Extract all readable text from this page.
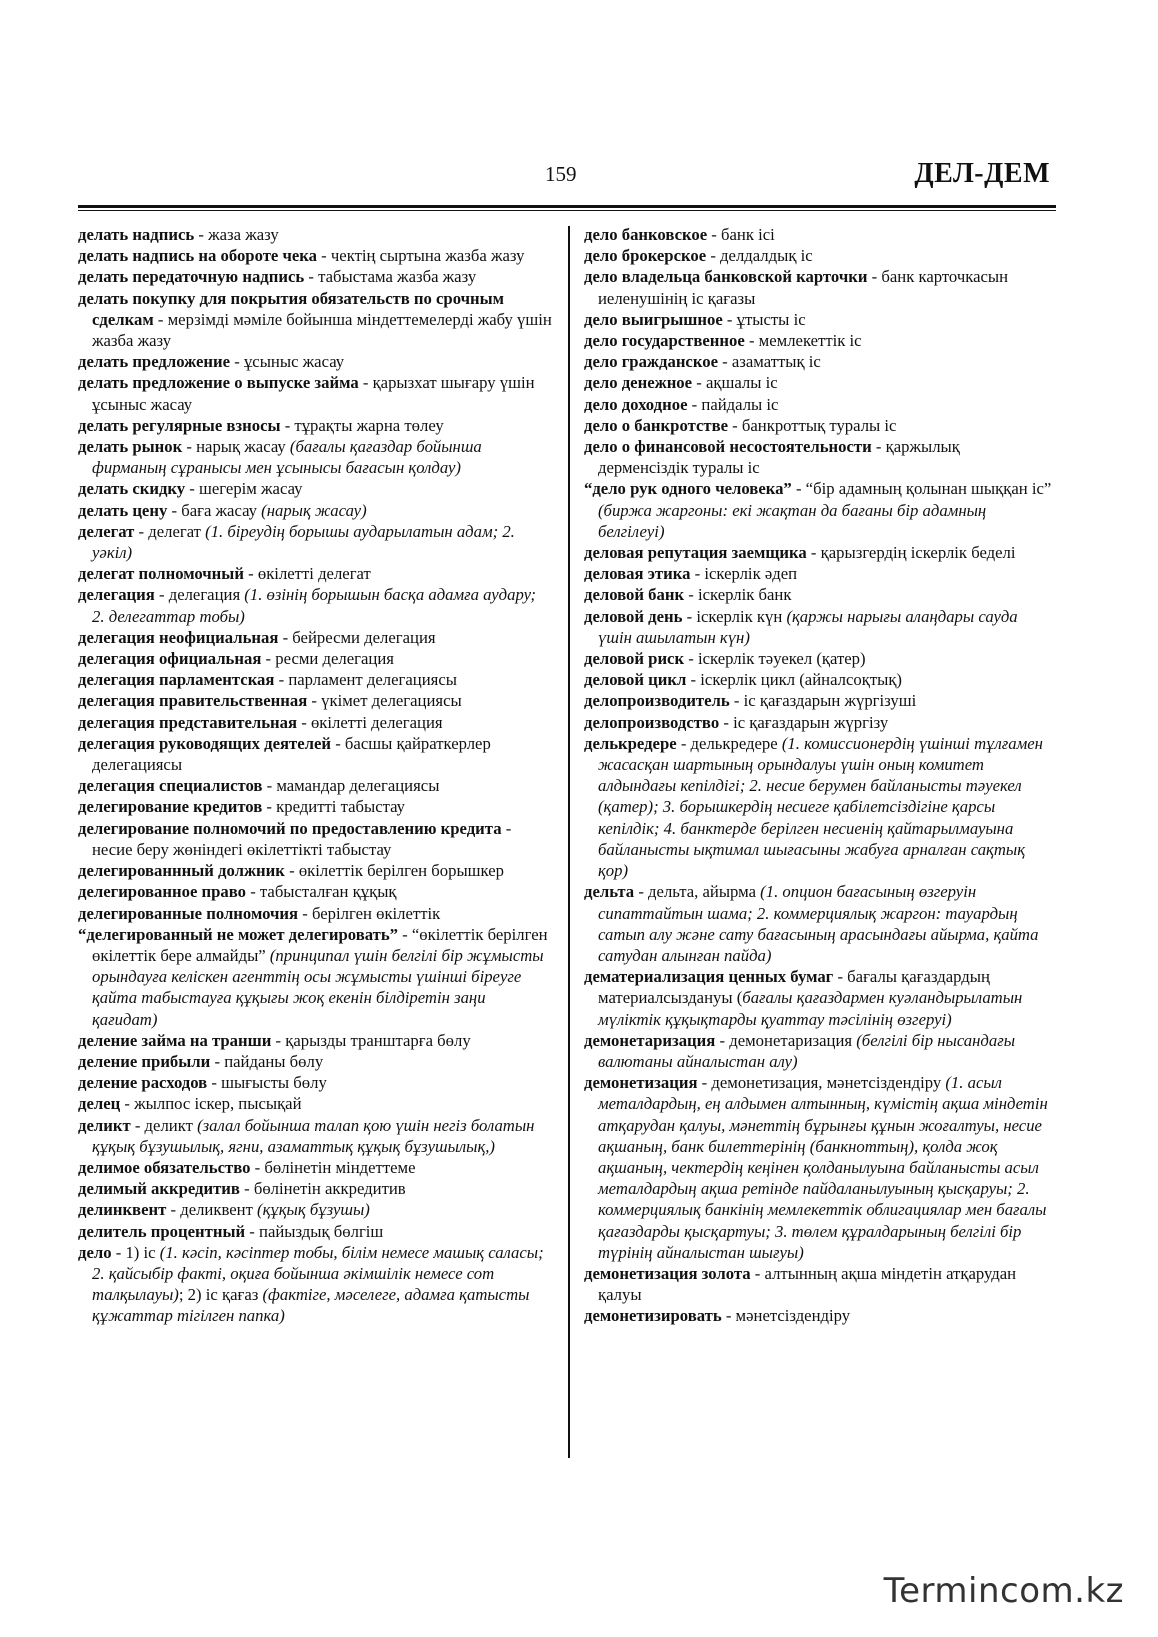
159	ДЕЛ-ДЕМ

делать надпись - жаза жазу

делать надпись на обороте чека - чектің сыртына жазба жазу

делать передаточную надпись - табыстама жазба жазу

делать покупку для покрытия обязательств по срочным сделкам - мерзімді мәміле бойынша міндеттемелерді жабу үшін жазба жазу

делать предложение - ұсыныс жасау

делать предложение о выпуске займа - қарызхат шығару үшін ұсыныс жасау

делать регулярные взносы - тұрақты жарна төлеу

делать рынок - нарық жасау (бағалы қағаздар бойынша фирманың сұранысы мен ұсынысы бағасын қолдау)

делать скидку - шегерім жасау

делать цену - баға жасау (нарық жасау)

делегат - делегат (1. біреудің борышы аударылатын адам; 2. уәкіл)

делегат полномочный - өкілетті делегат

делегация - делегация (1. өзінің борышын басқа адамға аудару; 2. делегаттар тобы)

делегация неофициальная - бейресми делегация

делегация официальная - ресми делегация

делегация парламентская - парламент делегациясы

делегация правительственная - үкімет делегациясы

делегация представительная - өкілетті делегация

делегация руководящих деятелей - басшы қайраткерлер делегациясы

делегация специалистов - мамандар делегациясы

делегирование кредитов - кредитті табыстау

делегирование полномочий по предоставлению кредита - несие беру жөніндегі өкілеттікті табыстау

делегированнный должник - өкілеттік берілген борышкер

делегированное право - табысталған құқық

делегированные полномочия - берілген өкілеттік

“делегированный не может делегировать” - “өкілеттік берілген өкілеттік бере алмайды” (принципал үшін белгілі бір жұмысты орындауға келіскен агенттің осы жұмысты үшінші біреуге қайта табыстауға құқығы жоқ екенін білдіретін заңи қағидат)

деление займа на транши - қарызды транштарға бөлу

деление прибыли - пайданы бөлу

деление расходов - шығысты бөлу

делец - жылпос іскер, пысықай

деликт - деликт (залал бойынша талап қою үшін негіз болатын құқық бұзушылық, ягни, азаматтық құқық бұзушылық,)

делимое обязательство - бөлінетін міндеттеме

делимый аккредитив - бөлінетін аккредитив

делинквент - деликвент (құқық бұзушы)

делитель процентный - пайыздық бөлгіш

дело - 1) іс (1. кәсіп, кәсіптер тобы, білім немесе машық саласы; 2. қайсыбір факті, оқиға бойынша әкімшілік немесе сот талқылауы); 2) іс қағаз (фактіге, мәселеге, адамға қатысты құжаттар тігілген папка)

дело банковское - банк ісі

дело брокерское - делдалдық іс

дело владельца банковской карточки - банк карточкасын иеленушінің іс қағазы

дело выигрышное - ұтысты іс

дело государственное - мемлекеттік іс

дело гражданское - азаматтық іс

дело денежное - ақшалы іс

дело доходное - пайдалы іс

дело о банкротстве - банкроттық туралы іс

дело о финансовой несостоятельности - қаржылық дерменсіздік туралы іс

“дело рук одного человека” - “бір адамның қолынан шыққан іс” (биржа жаргоны: екі жақтан да бағаны бір адамның белгілеуі)

деловая репутация заемщика - қарызгердің іскерлік беделі

деловая этика - іскерлік әдеп

деловой банк - іскерлік банк

деловой день - іскерлік күн (қаржы нарығы алаңдары сауда үшін ашылатын күн)

деловой риск - іскерлік тәуекел (қатер)

деловой цикл - іскерлік цикл (айналсоқтық)

делопроизводитель - іс қағаздарын жүргізуші

делопроизводство - іс қағаздарын жүргізу

делькредере - делькредере (1. комиссионердің үшінші тұлғамен жасасқан шартының орындалуы үшін оның комитет алдындағы кепілдігі; 2. несие берумен байланысты тәуекел (қатер); 3. борышкердің несиеге қабілетсіздігіне қарсы кепілдік; 4. банктерде берілген несиенің қайтарылмауына байланысты ықтимал шығасыны жабуға арналған сақтық қор)

дельта - дельта, айырма (1. опцион бағасының өзгеруін сипаттайтын шама; 2. коммерциялық жаргон: тауардың сатып алу және сату бағасының арасындағы айырма, қайта сатудан алынған пайда)

дематериализация ценных бумаг - бағалы қағаздардың материалсыздануы (бағалы қағаздармен куәландырылатын мүліктік құқықтарды қуаттау тәсілінің өзгеруі)

демонетаризация - демонетаризация (белгілі бір нысандағы валютаны айналыстан алу)

демонетизация - демонетизация, мәнетсіздендіру (1. асыл металдардың, ең алдымен алтынның, күмістің ақша міндетін атқарудан қалуы, мәнеттің бұрынғы құнын жоғалтуы, несие ақшаның, банк билеттерінің (банкноттың), қолда жоқ ақшаның, чектердің кеңінен қолданылуына байланысты асыл металдардың ақша ретінде пайдаланылуының қысқаруы; 2. коммерциялық банкінің мемлекеттік облигациялар мен бағалы қағаздарды қысқартуы; 3. төлем құралдарының белгілі бір түрінің айналыстан шығуы)

демонетизация золота - алтынның ақша міндетін атқарудан қалуы

демонетизировать - мәнетсіздендіру

Termincom.kz
